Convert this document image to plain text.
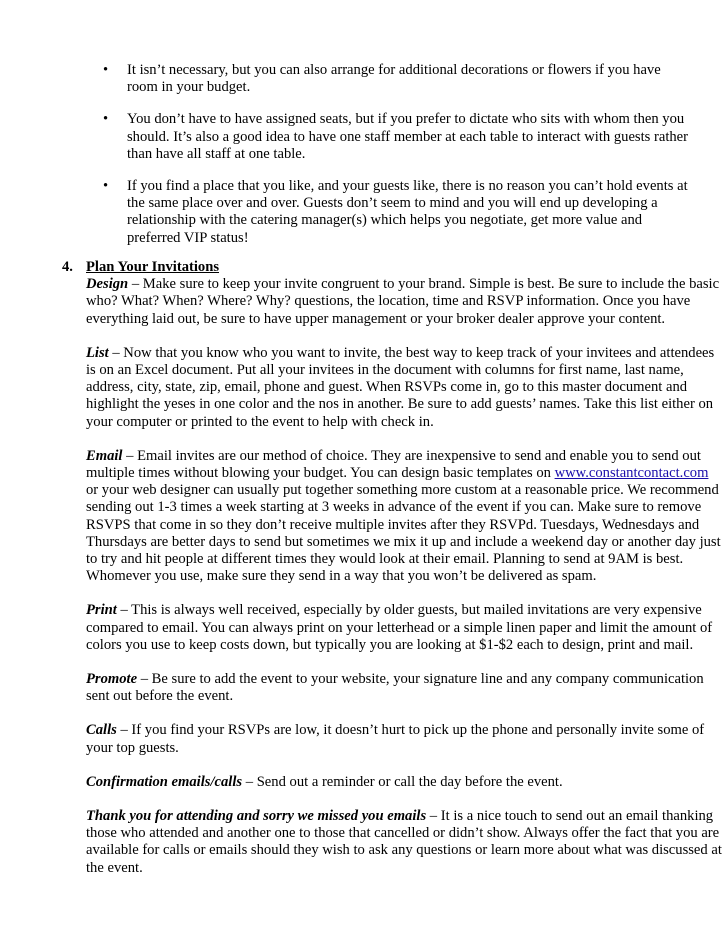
•	It isn’t necessary, but you can also arrange for additional decorations or flowers if you have room in your budget.
•	You don’t have to have assigned seats, but if you prefer to dictate who sits with whom then you should. It’s also a good idea to have one staff member at each table to interact with guests rather than have all staff at one table.
•	If you find a place that you like, and your guests like, there is no reason you can’t hold events at the same place over and over. Guests don’t seem to mind and you will end up developing a relationship with the catering manager(s) which helps you negotiate, get more value and preferred VIP status!
4. Plan Your Invitations

Design – Make sure to keep your invite congruent to your brand. Simple is best. Be sure to include the basic who? What? When? Where? Why? questions, the location, time and RSVP information. Once you have everything laid out, be sure to have upper management or your broker dealer approve your content.

List – Now that you know who you want to invite, the best way to keep track of your invitees and attendees is on an Excel document. Put all your invitees in the document with columns for first name, last name, address, city, state, zip, email, phone and guest. When RSVPs come in, go to this master document and highlight the yeses in one color and the nos in another. Be sure to add guests’ names. Take this list either on your computer or printed to the event to help with check in.

Email – Email invites are our method of choice. They are inexpensive to send and enable you to send out multiple times without blowing your budget. You can design basic templates on www.constantcontact.com or your web designer can usually put together something more custom at a reasonable price. We recommend sending out 1-3 times a week starting at 3 weeks in advance of the event if you can. Make sure to remove RSVPS that come in so they don’t receive multiple invites after they RSVPd. Tuesdays, Wednesdays and Thursdays are better days to send but sometimes we mix it up and include a weekend day or another day just to try and hit people at different times they would look at their email. Planning to send at 9AM is best. Whomever you use, make sure they send in a way that you won’t be delivered as spam.

Print – This is always well received, especially by older guests, but mailed invitations are very expensive compared to email. You can always print on your letterhead or a simple linen paper and limit the amount of colors you use to keep costs down, but typically you are looking at $1-$2 each to design, print and mail.

Promote – Be sure to add the event to your website, your signature line and any company communication sent out before the event.

Calls – If you find your RSVPs are low, it doesn’t hurt to pick up the phone and personally invite some of your top guests.

Confirmation emails/calls – Send out a reminder or call the day before the event.

Thank you for attending and sorry we missed you emails – It is a nice touch to send out an email thanking those who attended and another one to those that cancelled or didn’t show. Always offer the fact that you are available for calls or emails should they wish to ask any questions or learn more about what was discussed at the event.
